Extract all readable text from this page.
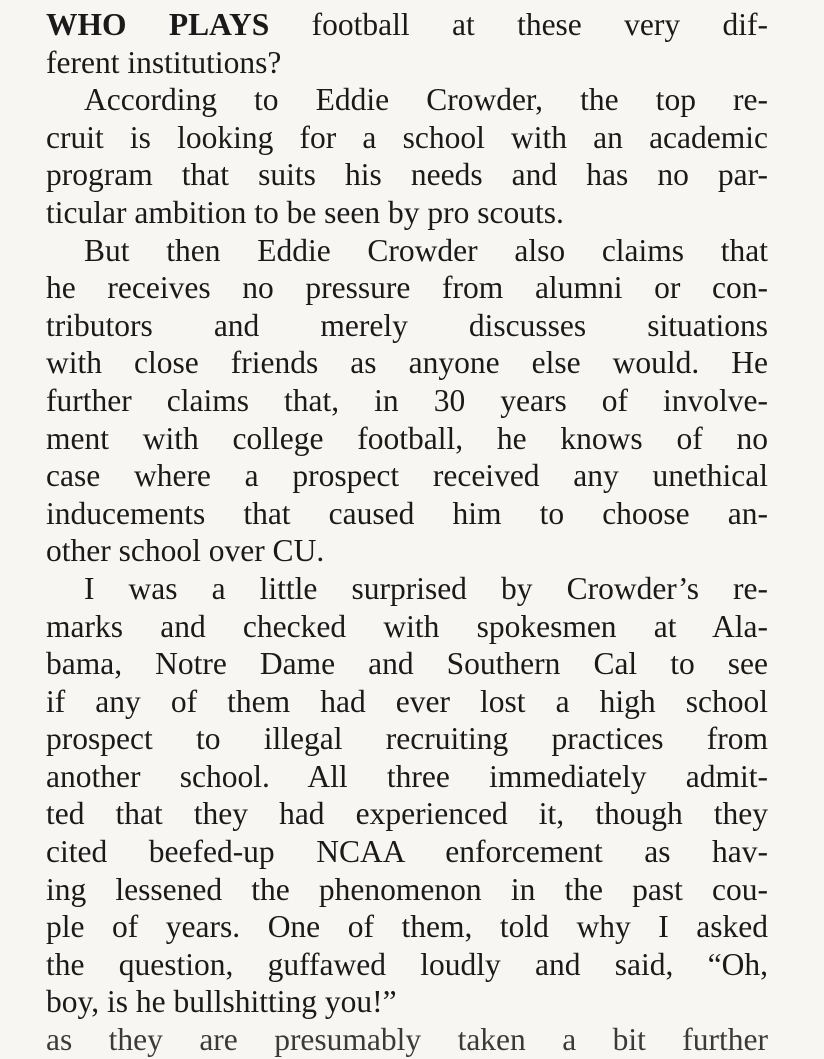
WHO PLAYS football at these very dif-
ferent institutions?
According to Eddie Crowder, the top re-
cruit is looking for a school with an academic
program that suits his needs and has no par-
ticular ambition to be seen by pro scouts.
But then Eddie Crowder also claims that
he receives no pressure from alumni or con-
tributors and merely discusses situations
with close friends as anyone else would. He
further claims that, in 30 years of involve-
ment with college football, he knows of no
case where a prospect received any unethical
inducements that caused him to choose an-
other school over CU.
I was a little surprised by Crowder’s re-
marks and checked with spokesmen at Ala-
bama, Notre Dame and Southern Cal to see
if any of them had ever lost a high school
prospect to illegal recruiting practices from
another school. All three immediately admit-
ted that they had experienced it, though they
cited beefed-up NCAA enforcement as hav-
ing lessened the phenomenon in the past cou-
ple of years. One of them, told why I asked
the question, guffawed loudly and said, “Oh,
boy, is he bullshitting you!”
as they are presumably taken a bit further
